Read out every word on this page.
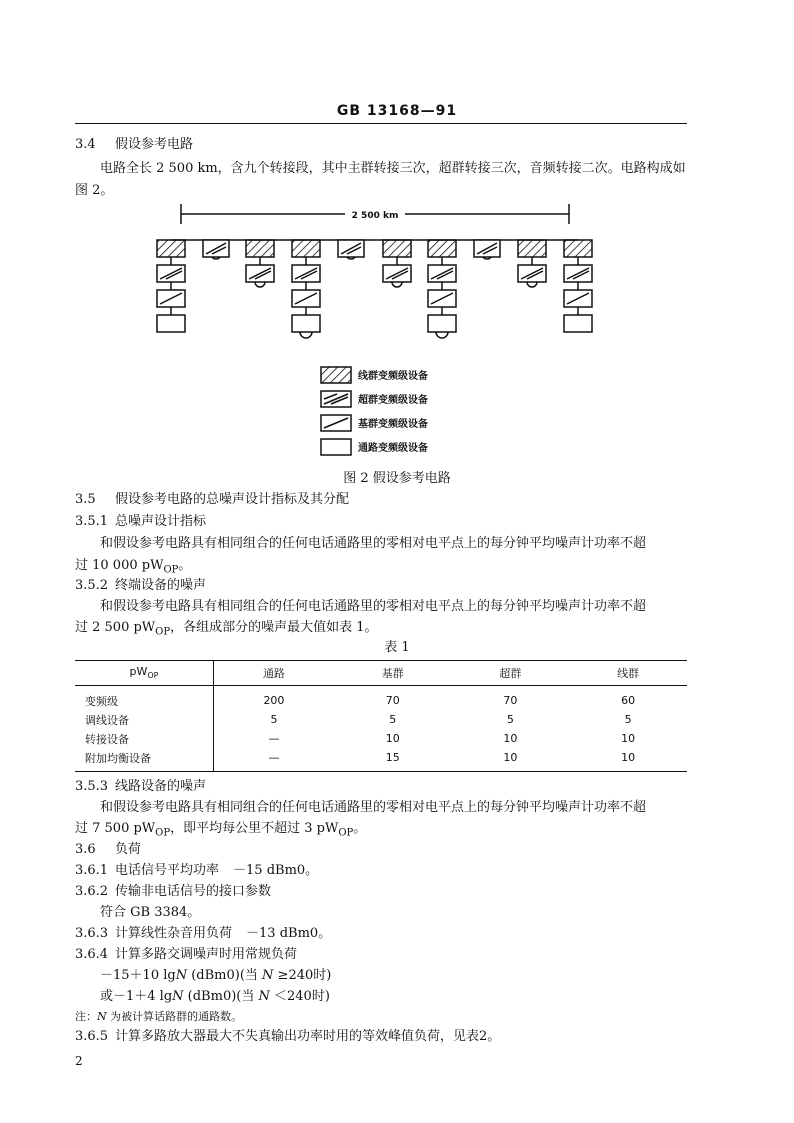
GB 13168—91
3.4 假设参考电路
电路全长 2 500 km，含九个转接段，其中主群转接三次，超群转接三次，音频转接二次。电路构成如
图 2。
2 500 km
线群变频级设备
超群变频级设备
基群变频级设备
通路变频级设备
图 2 假设参考电路
3.5 假设参考电路的总噪声设计指标及其分配
3.5.1 总噪声设计指标
和假设参考电路具有相同组合的任何电话通路里的零相对电平点上的每分钟平均噪声计功率不超
过 10 000 $pW_{OP}$。
3.5.2 终端设备的噪声
和假设参考电路具有相同组合的任何电话通路里的零相对电平点上的每分钟平均噪声计功率不超
过 2 500 $pW_{OP}$，各组成部分的噪声最大值如表 1。
表 1
$pW_{OP}$	通路	基群	超群	线群
变频级	200	70	70	60
调线设备	5	5	5	5
转接设备	—	10	10	10
附加均衡设备	—	15	10	10
3.5.3 线路设备的噪声
和假设参考电路具有相同组合的任何电话通路里的零相对电平点上的每分钟平均噪声计功率不超
过 7 500 $pW_{OP}$，即平均每公里不超过 3 $pW_{OP}$。
3.6 负荷
3.6.1 电话信号平均功率 －15 dBm0。
3.6.2 传输非电话信号的接口参数
符合 GB 3384。
3.6.3 计算线性杂音用负荷 －13 dBm0。
3.6.4 计算多路交调噪声时用常规负荷
－15＋10 lgN (dBm0)(当 N ≥240时)
或－1＋4 lgN (dBm0)(当 N ＜240时)
注：N 为被计算话路群的通路数。
3.6.5 计算多路放大器最大不失真输出功率时用的等效峰值负荷，见表2。
2
